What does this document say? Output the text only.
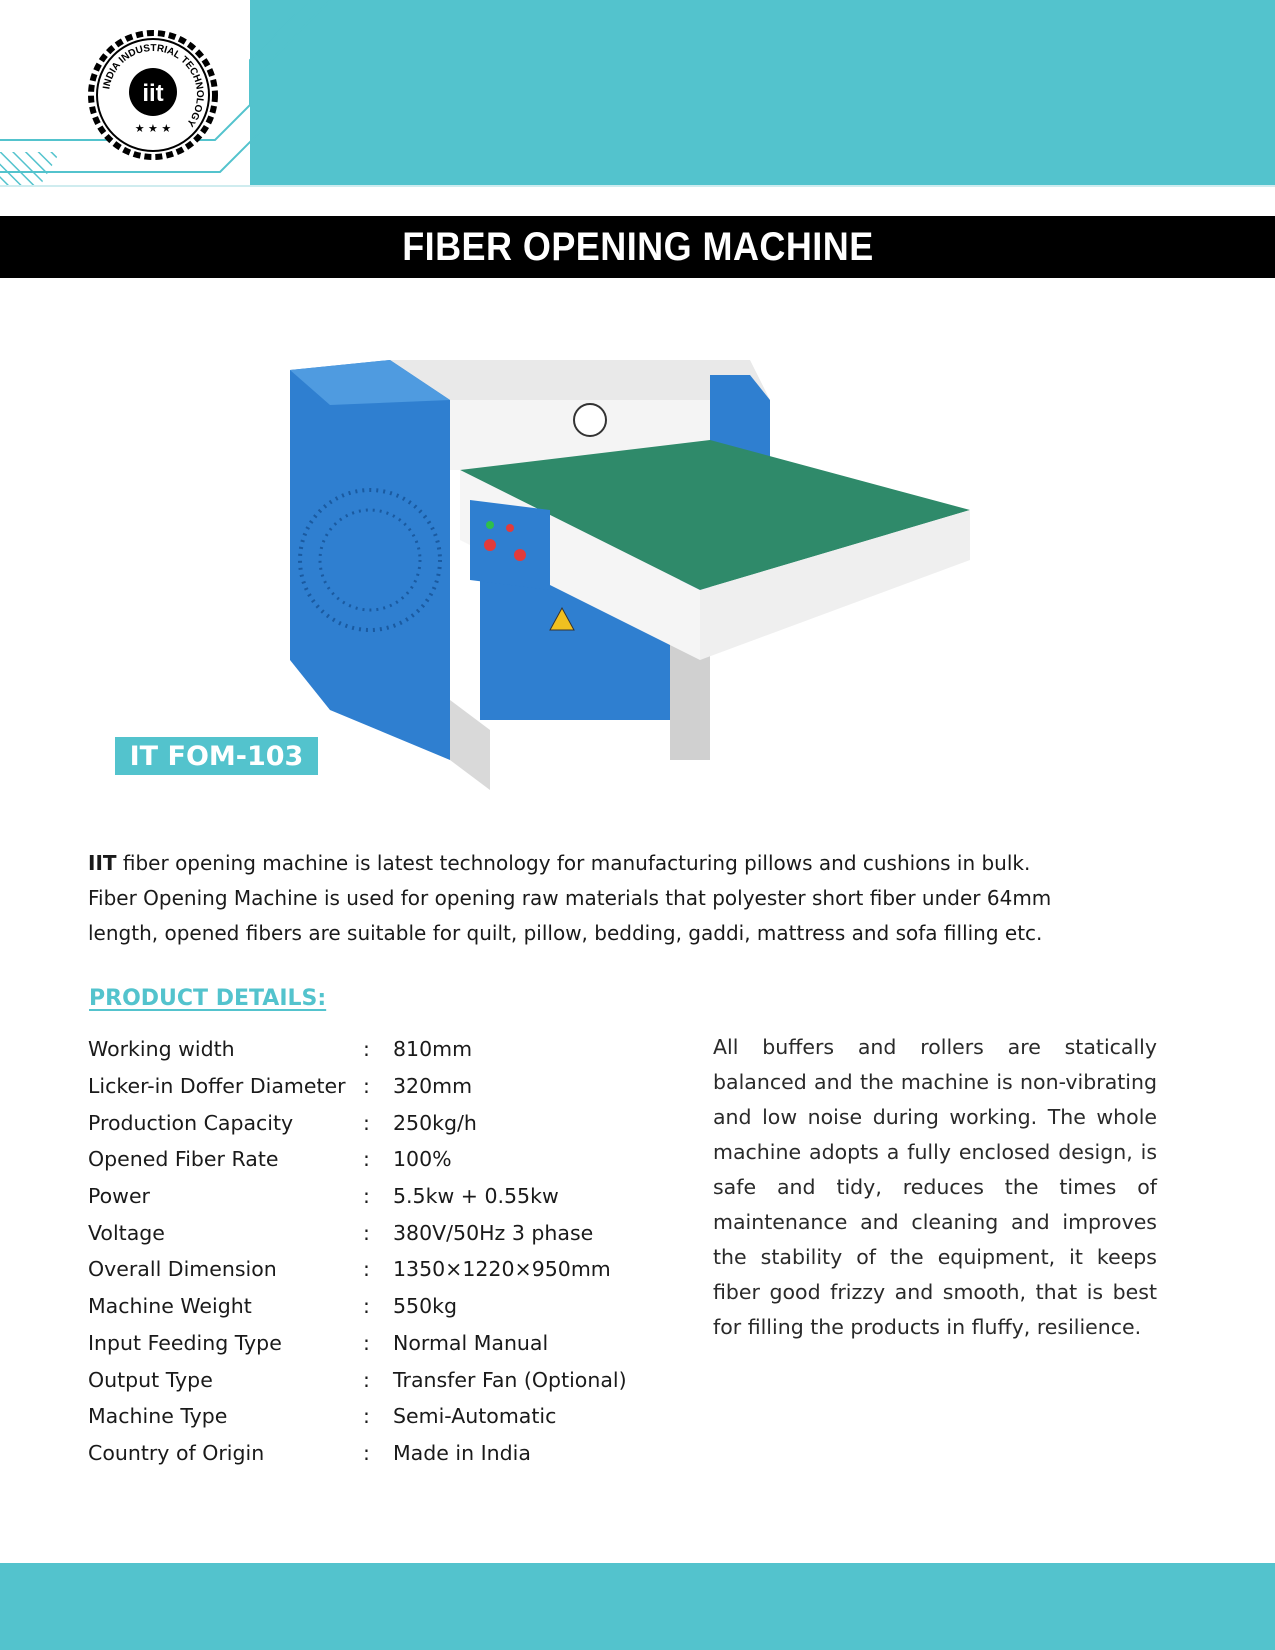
INDIA INDUSTRIAL TECHNOLOGY
iit
★ ★ ★
FIBER OPENING MACHINE
IT FOM-103

IIT fiber opening machine is latest technology for manufacturing pillows and cushions in bulk.

Fiber Opening Machine is used for opening raw materials that polyester short fiber under 64mm

length, opened fibers are suitable for quilt, pillow, bedding, gaddi, mattress and sofa filling etc.

PRODUCT DETAILS:
Working width	:	810mm
Licker-in Doffer Diameter	:	320mm
Production Capacity	:	250kg/h
Opened Fiber Rate	:	100%
Power	:	5.5kw + 0.55kw
Voltage	:	380V/50Hz 3 phase
Overall Dimension	:	1350×1220×950mm
Machine Weight	:	550kg
Input Feeding Type	:	Normal Manual
Output Type	:	Transfer Fan (Optional)
Machine Type	:	Semi-Automatic
Country of Origin	:	Made in India

All buffers and rollers are statically balanced and the machine is non-vibrating and low noise during working. The whole machine adopts a fully enclosed design, is safe and tidy, reduces the times of maintenance and cleaning and improves the stability of the equipment, it keeps fiber good frizzy and smooth, that is best for filling the products in fluffy, resilience.
